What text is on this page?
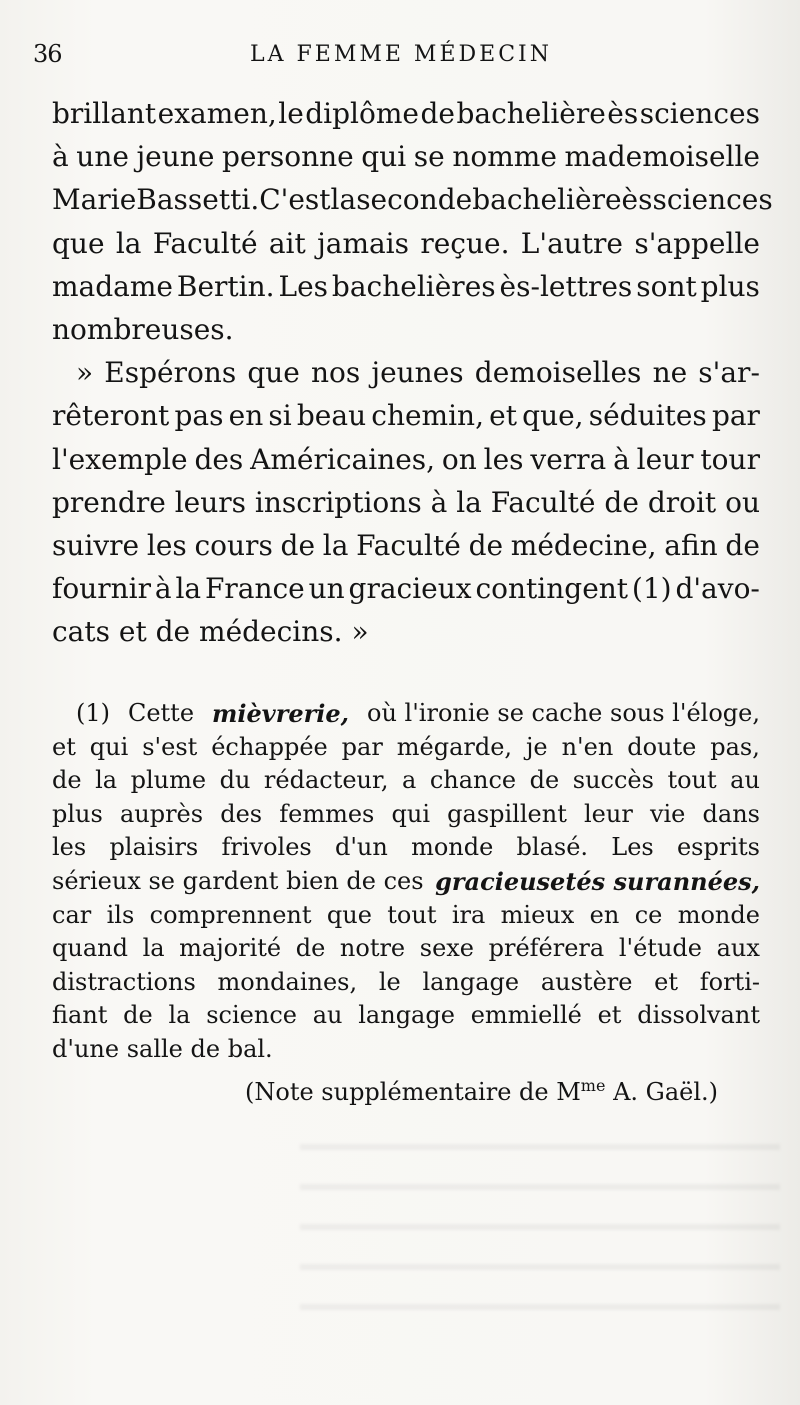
36	LA FEMME MÉDECIN
brillant examen, le diplôme de bachelière ès sciences
à une jeune personne qui se nomme mademoiselle
Marie Bassetti. C'est la seconde bachelière ès sciences
que la Faculté ait jamais reçue. L'autre s'appelle
madame Bertin. Les bachelières ès-lettres sont plus
nombreuses.
» Espérons que nos jeunes demoiselles ne s'ar-
rêteront pas en si beau chemin, et que, séduites par
l'exemple des Américaines, on les verra à leur tour
prendre leurs inscriptions à la Faculté de droit ou
suivre les cours de la Faculté de médecine, afin de
fournir à la France un gracieux contingent (1) d'avo-
cats et de médecins. »
(1) Cette mièvrerie, où l'ironie se cache sous l'éloge,
et qui s'est échappée par mégarde, je n'en doute pas,
de la plume du rédacteur, a chance de succès tout au
plus auprès des femmes qui gaspillent leur vie dans
les plaisirs frivoles d'un monde blasé. Les esprits
sérieux se gardent bien de ces gracieusetés surannées,
car ils comprennent que tout ira mieux en ce monde
quand la majorité de notre sexe préférera l'étude aux
distractions mondaines, le langage austère et forti-
fiant de la science au langage emmiellé et dissolvant
d'une salle de bal.
(Note supplémentaire de $M^{me}$ A. Gaël.)
